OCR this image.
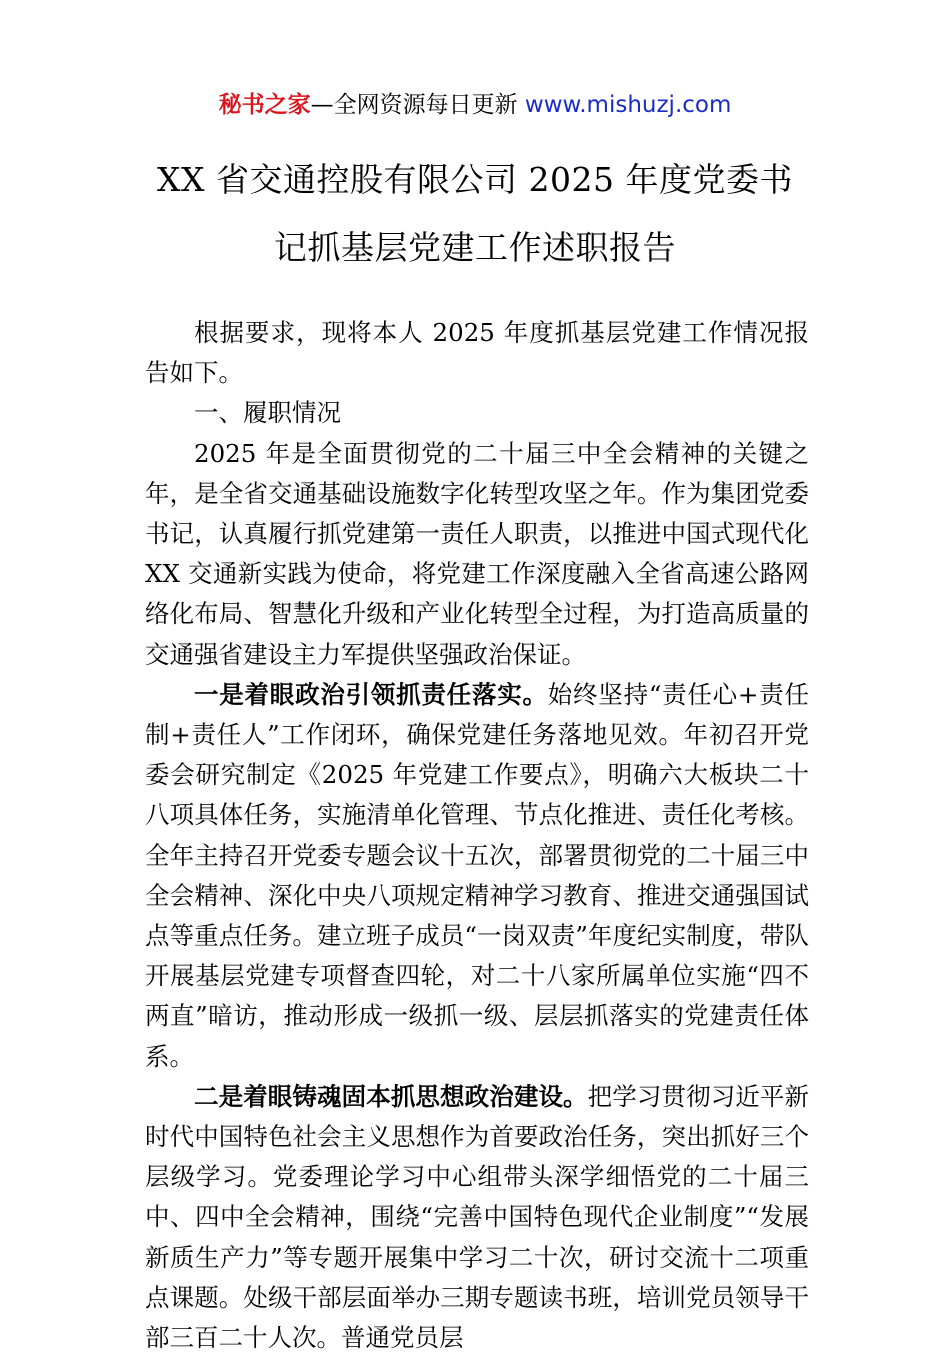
秘书之家—全网资源每日更新 www.mishuzj.com
XX 省交通控股有限公司 2025 年度党委书
记抓基层党建工作述职报告

根据要求，现将本人 2025 年度抓基层党建工作情况报告如下。

一、履职情况

2025 年是全面贯彻党的二十届三中全会精神的关键之年，是全省交通基础设施数字化转型攻坚之年。作为集团党委书记，认真履行抓党建第一责任人职责，以推进中国式现代化 XX 交通新实践为使命，将党建工作深度融入全省高速公路网络化布局、智慧化升级和产业化转型全过程，为打造高质量的交通强省建设主力军提供坚强政治保证。

一是着眼政治引领抓责任落实。始终坚持“责任心+责任制+责任人”工作闭环，确保党建任务落地见效。年初召开党委会研究制定《2025 年党建工作要点》，明确六大板块二十八项具体任务，实施清单化管理、节点化推进、责任化考核。全年主持召开党委专题会议十五次，部署贯彻党的二十届三中全会精神、深化中央八项规定精神学习教育、推进交通强国试点等重点任务。建立班子成员“一岗双责”年度纪实制度，带队开展基层党建专项督查四轮，对二十八家所属单位实施“四不两直”暗访，推动形成一级抓一级、层层抓落实的党建责任体系。

二是着眼铸魂固本抓思想政治建设。把学习贯彻习近平新时代中国特色社会主义思想作为首要政治任务，突出抓好三个层级学习。党委理论学习中心组带头深学细悟党的二十届三中、四中全会精神，围绕“完善中国特色现代企业制度”“发展新质生产力”等专题开展集中学习二十次，研讨交流十二项重点课题。处级干部层面举办三期专题读书班，培训党员领导干部三百二十人次。普通党员层
